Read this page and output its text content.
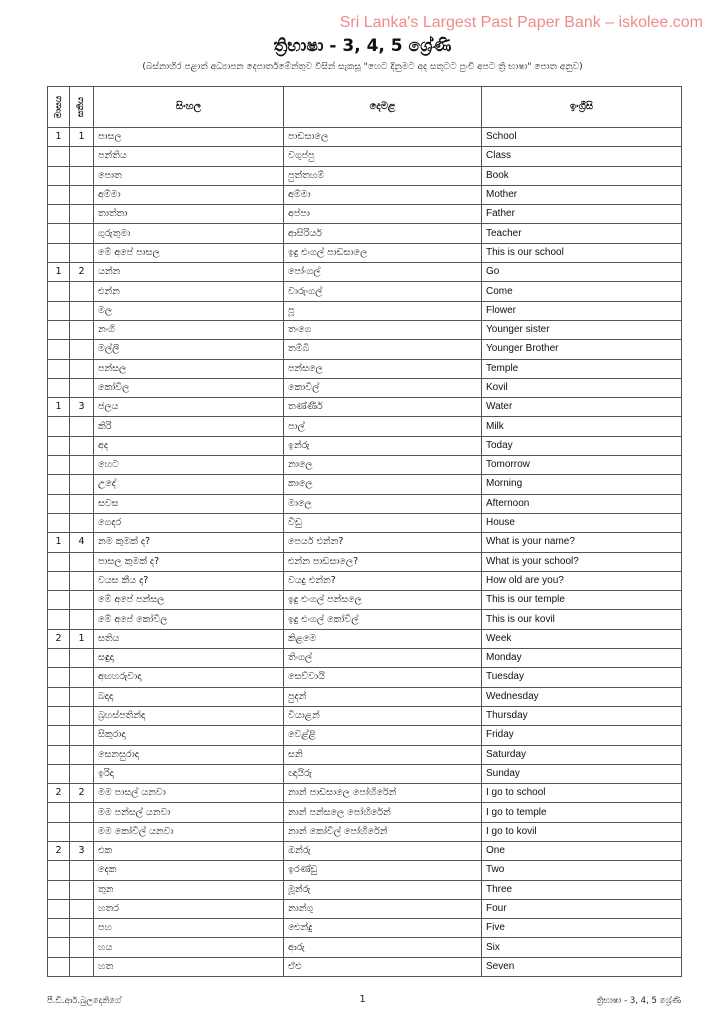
Sri Lanka's Largest Past Paper Bank – iskolee.com
ත්‍රිභාෂා - 3, 4, 5 ශ්‍රේණි
(බස්නාහිර පළාත් අධ්‍යාපන දෙපාර්තමේන්තුව විසින් සැකසූ "හෙට දිනුමට අද සතුටට පුංචි අපට ත්‍රි භාෂා" පොත අනුව)
මාසය	සතිය	සිංහල	දෙමළ	ඉංග්‍රීසි
1	1	පාසල	පාඩසාලෙ	School
		පන්තිය	වගුප්පු	Class
		පොත	පුත්තහම්	Book
		අම්මා	අම්මා	Mother
		තාත්තා	අප්පා	Father
		ගුරුතුමා	ආසිරියර්	Teacher
		මේ අපේ පාසල	ඉදු එංගල් පාඩසාලෙ	This is our school
1	2	යන්න	පෝංගල්	Go
		එන්න	වාරුංගල්	Come
		මල	පූ	Flower
		නංගි	තංගෙ	Younger sister
		මල්ලි	තම්බි	Younger Brother
		පන්සල	පන්සලෙ	Temple
		කෝවිල	කොවිල්	Kovil
1	3	ජලය	තණ්ණීර්	Water
		කිරි	පාල්	Milk
		අද	ඉන්රු	Today
		හෙට	නාලෙ	Tomorrow
		උදේ	කාලෙ	Morning
		සවස	මාලෙ	Afternoon
		ගෙදර	වීඩු	House
1	4	නම කුමක් ද?	පෙයර් එන්න?	What is your name?
		පාසල කුමක් ද?	එන්න පාඩසාලෙ?	What is your school?
		වයස කීය ද?	වයදු එන්න?	How old are you?
		මේ අපේ පන්සල	ඉදු එංගල් පන්සලෙ	This is our temple
		මේ අපේ කෝවිල	ඉදු එංගල් කෝවිල්	This is our kovil
2	1	සතිය	කිළමෙ	Week
		සඳුදා	තිංගල්	Monday
		අඟහරුවාදා	සෙව්වායි	Tuesday
		බදාදා	පුදන්	Wednesday
		බ්‍රහස්පතින්දා	වියාළන්	Thursday
		සිකුරාදා	වෙළ්ළි	Friday
		සෙනසුරාදා	සනි	Saturday
		ඉරිදා	ඥායිරු	Sunday
2	2	මම පාසල් යනවා	නාන් පාඩසාලෙ පෝහිරේන්	I go to school
		මම පන්සල් යනවා	නාන් පන්සලෙ පෝහිරේන්	I go to temple
		මම කෝවිල් යනවා	නාන් කෝවිල් පෝහිරේන්	I go to kovil
2	3	එක	ඔන්රු	One
		දෙක	ඉරණ්ඩු	Two
		තුන	මූන්රු	Three
		හතර	නාන්ගු	Four
		පහ	ඓන්දු	Five
		හය	ආරු	Six
		හත	ඒළු	Seven
පී.ඩී.ආර්.බුලදෙනිගේ	1	ත්‍රිභාෂා - 3, 4, 5 ශ්‍රේණි
